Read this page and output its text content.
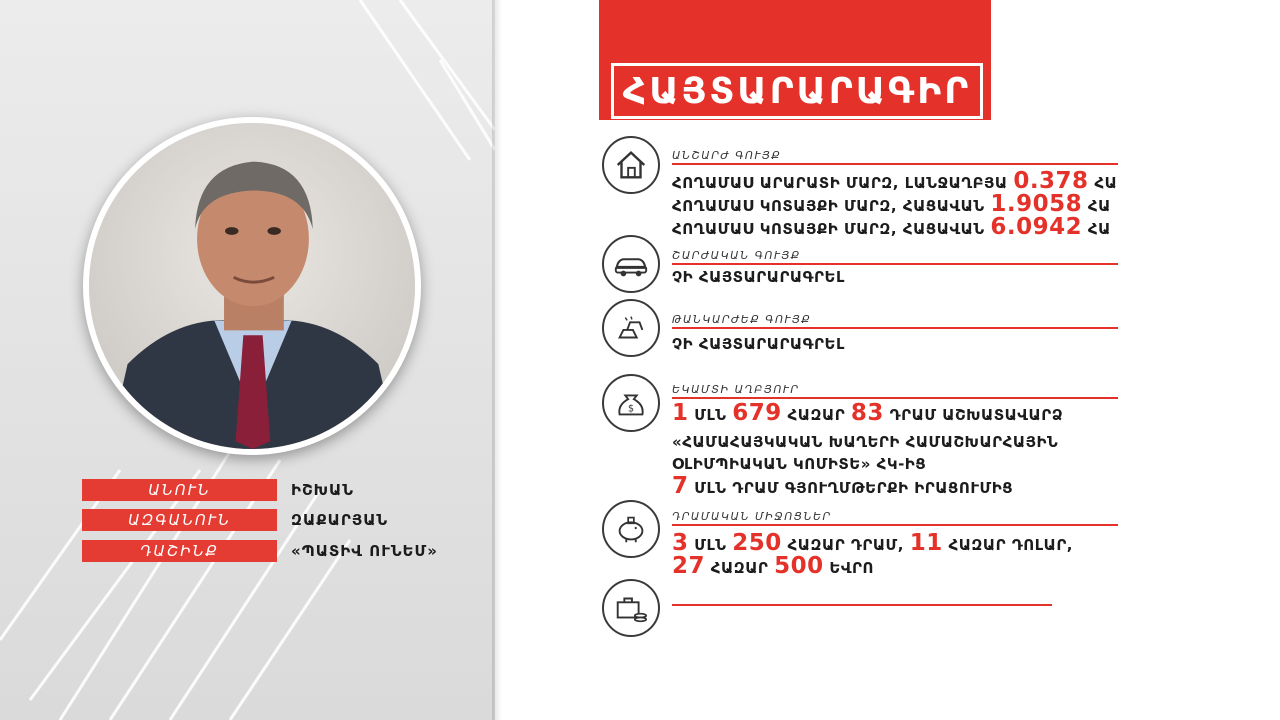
ԱՆՈՒՆ	ԻՇԽԱՆ
ԱԶԳԱՆՈՒՆ	ԶԱՔԱՐՅԱՆ
ԴԱՇԻՆՔ	«ՊԱՏԻՎ ՈՒՆԵՄ»
ՀԱՅՏԱՐԱՐԱԳԻՐ
ԱՆՇԱՐԺ ԳՈՒՅՔ
ՀՈՂԱՄԱՍ ԱՐԱՐԱՏԻ ՄԱՐԶ, ԼԱՆՋԱՂԲՅԱ 0.378 ՀԱ
ՀՈՂԱՄԱՍ ԿՈՏԱՅՔԻ ՄԱՐԶ, ՀԱՑԱՎԱՆ 1.9058 ՀԱ
ՀՈՂԱՄԱՍ ԿՈՏԱՅՔԻ ՄԱՐԶ, ՀԱՑԱՎԱՆ 6.0942 ՀԱ
ՇԱՐԺԱԿԱՆ ԳՈՒՅՔ
ՉԻ ՀԱՅՏԱՐԱՐԱԳՐԵԼ
ԹԱՆԿԱՐԺԵՔ ԳՈՒՅՔ
ՉԻ ՀԱՅՏԱՐԱՐԱԳՐԵԼ
$
ԵԿԱՄՏԻ ԱՂԲՅՈՒՐ
1 ՄԼՆ 679 ՀԱԶԱՐ 83 ԴՐԱՄ ԱՇԽԱՏԱՎԱՐՁ
«ՀԱՄԱՀԱՅԿԱԿԱՆ ԽԱՂԵՐԻ ՀԱՄԱՇԽԱՐՀԱՅԻՆ
ՕԼԻՄՊԻԱԿԱՆ ԿՈՄԻՏԵ» ՀԿ-ԻՑ
7 ՄԼՆ ԴՐԱՄ ԳՅՈՒՂՄԹԵՐՔԻ ԻՐԱՑՈՒՄԻՑ
ԴՐԱՄԱԿԱՆ ՄԻՋՈՑՆԵՐ
3 ՄԼՆ 250 ՀԱԶԱՐ ԴՐԱՄ, 11 ՀԱԶԱՐ ԴՈԼԱՐ,
27 ՀԱԶԱՐ 500 ԵՎՐՈ
